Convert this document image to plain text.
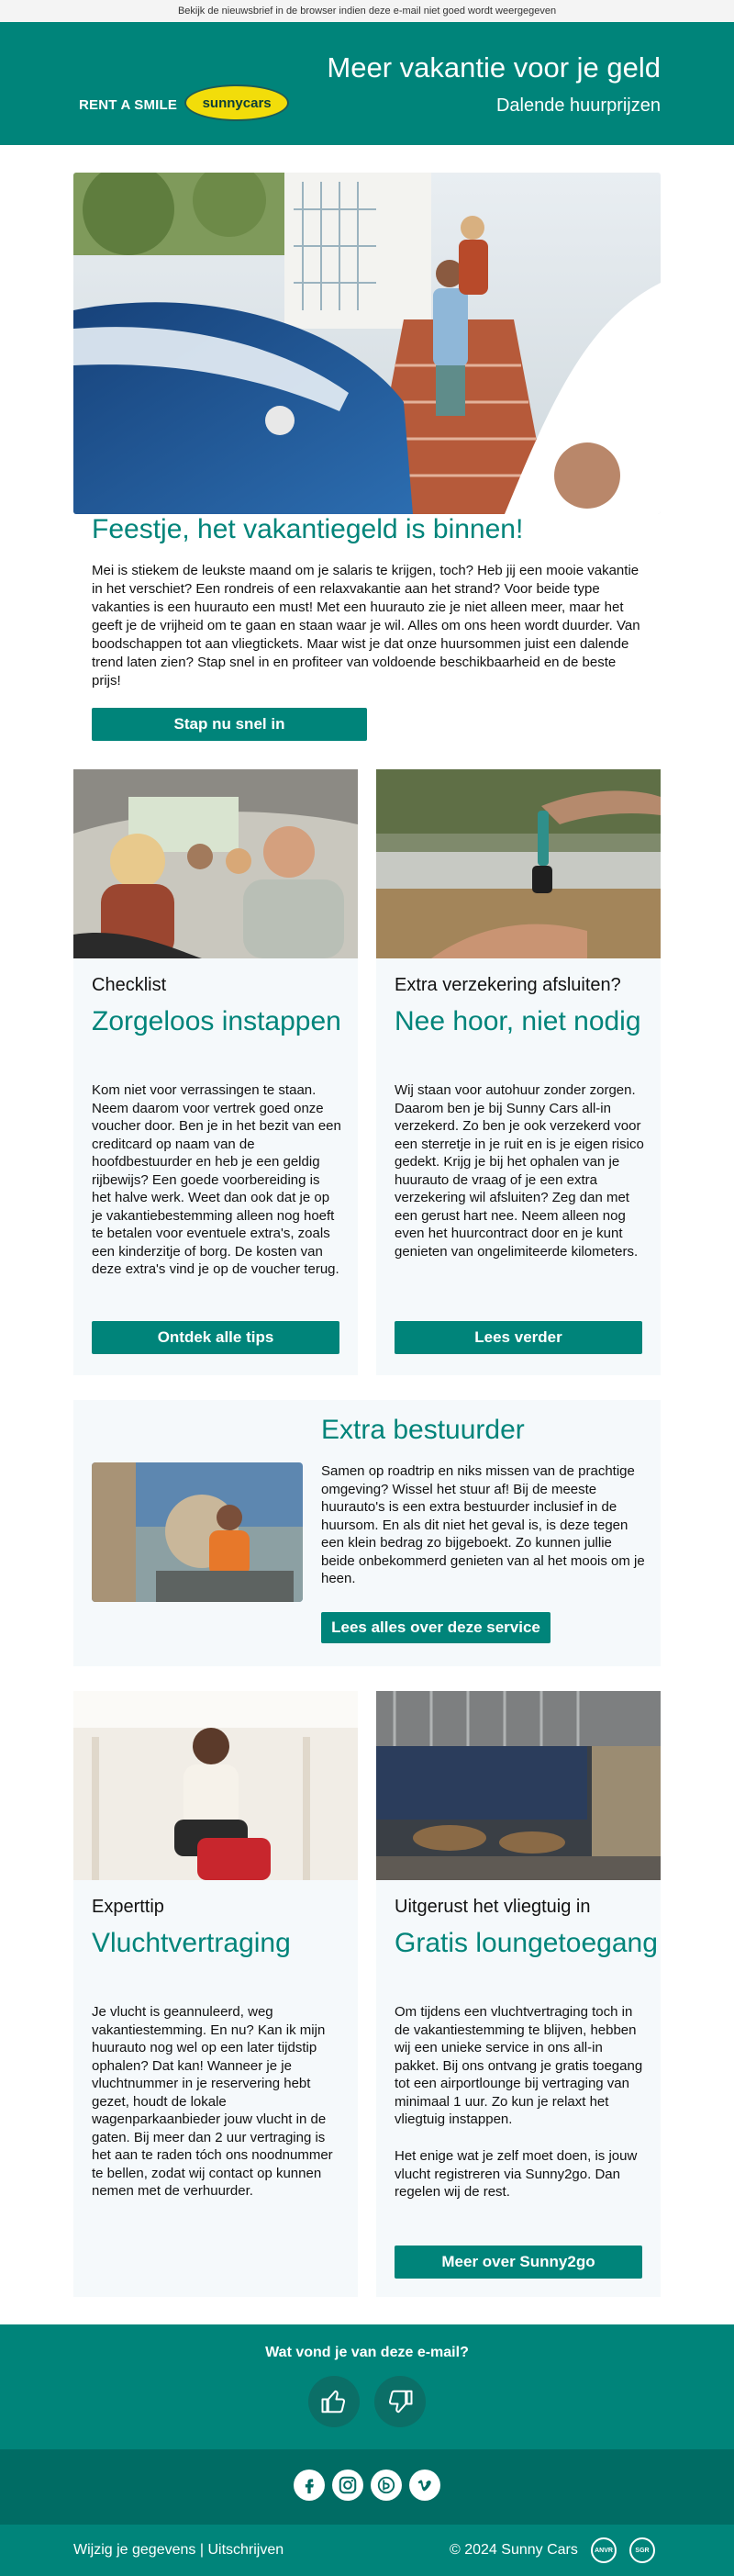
Bekijk de nieuwsbrief in de browser indien deze e-mail niet goed wordt weergegeven
RENT A SMILE	sunnycars
Meer vakantie voor je geld
Dalende huurprijzen
Feestje, het vakantiegeld is binnen!
Mei is stiekem de leukste maand om je salaris te krijgen, toch? Heb jij een mooie vakantie in het verschiet? Een rondreis of een relaxvakantie aan het strand? Voor beide type vakanties is een huurauto een must! Met een huurauto zie je niet alleen meer, maar het geeft je de vrijheid om te gaan en staan waar je wil. Alles om ons heen wordt duurder. Van boodschappen tot aan vliegtickets. Maar wist je dat onze huursommen juist een dalende trend laten zien? Stap snel in en profiteer van voldoende beschikbaarheid en de beste prijs!
Stap nu snel in
Checklist
Zorgeloos instappen
Kom niet voor verrassingen te staan. Neem daarom voor vertrek goed onze voucher door. Ben je in het bezit van een creditcard op naam van de hoofdbestuurder en heb je een geldig rijbewijs? Een goede voorbereiding is het halve werk. Weet dan ook dat je op je vakantiebestemming alleen nog hoeft te betalen voor eventuele extra's, zoals een kinderzitje of borg. De kosten van deze extra's vind je op de voucher terug.
Ontdek alle tips
Extra verzekering afsluiten?
Nee hoor, niet nodig
Wij staan voor autohuur zonder zorgen. Daarom ben je bij Sunny Cars all-in verzekerd. Zo ben je ook verzekerd voor een sterretje in je ruit en is je eigen risico gedekt. Krijg je bij het ophalen van je huurauto de vraag of je een extra verzekering wil afsluiten? Zeg dan met een gerust hart nee. Neem alleen nog even het huurcontract door en je kunt genieten van ongelimiteerde kilometers.
Lees verder
Extra bestuurder
Samen op roadtrip en niks missen van de prachtige omgeving? Wissel het stuur af! Bij de meeste huurauto's is een extra bestuurder inclusief in de huursom. En als dit niet het geval is, is deze tegen een klein bedrag zo bijgeboekt. Zo kunnen jullie beide onbekommerd genieten van al het moois om je heen.
Lees alles over deze service
Experttip
Vluchtvertraging
Je vlucht is geannuleerd, weg vakantiestemming. En nu? Kan ik mijn huurauto nog wel op een later tijdstip ophalen? Dat kan! Wanneer je je vluchtnummer in je reservering hebt gezet, houdt de lokale wagenparkaanbieder jouw vlucht in de gaten. Bij meer dan 2 uur vertraging is het aan te raden tóch ons noodnummer te bellen, zodat wij contact op kunnen nemen met de verhuurder.
Uitgerust het vliegtuig in
Gratis loungetoegang
Om tijdens een vluchtvertraging toch in de vakantiestemming te blijven, hebben wij een unieke service in ons all-in pakket. Bij ons ontvang je gratis toegang tot een airportlounge bij vertraging van minimaal 1 uur. Zo kun je relaxt het vliegtuig instappen.
Het enige wat je zelf moet doen, is jouw vlucht registreren via Sunny2go. Dan regelen wij de rest.
Meer over Sunny2go
Wat vond je van deze e-mail?
Wijzig je gegevens | Uitschrijven	© 2024 Sunny Cars	ANVR	SGR
